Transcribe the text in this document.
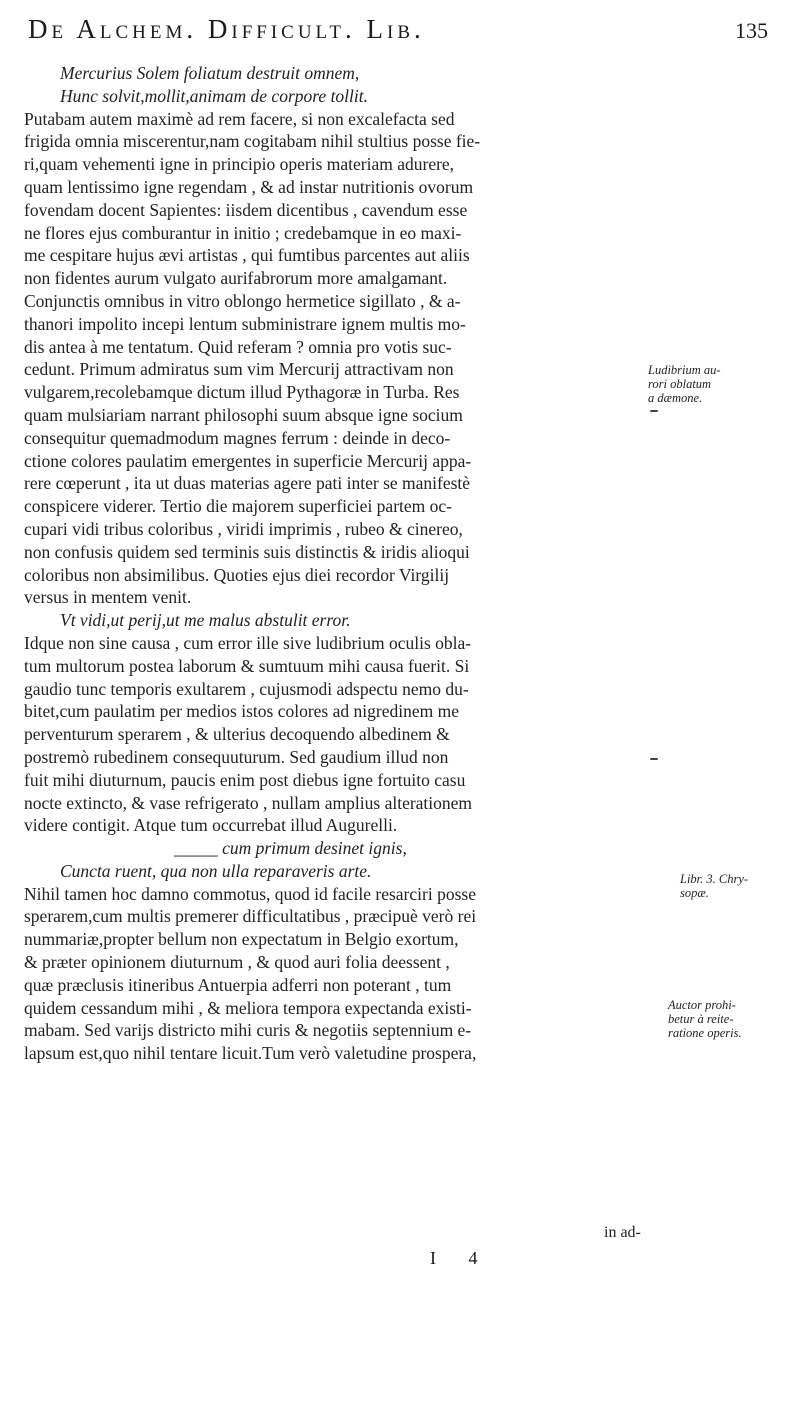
De Alchem. Difficult. Lib.	135
Mercurius Solem foliatum destruit omnem,
Hunc solvit,mollit,animam de corpore tollit.
Putabam autem maximè ad rem facere, si non excalefacta sed
frigida omnia miscerentur,nam cogitabam nihil stultius posse fie-
ri,quam vehementi igne in principio operis materiam adurere,
quam lentissimo igne regendam , & ad instar nutritionis ovorum
fovendam docent Sapientes: iisdem dicentibus , cavendum esse
ne flores ejus comburantur in initio ; credebamque in eo maxi-
me cespitare hujus ævi artistas , qui fumtibus parcentes aut aliis
non fidentes aurum vulgato aurifabrorum more amalgamant.
Conjunctis omnibus in vitro oblongo hermetice sigillato , & a-
thanori impolito incepi lentum subministrare ignem multis mo-
dis antea à me tentatum. Quid referam ? omnia pro votis suc-
cedunt. Primum admiratus sum vim Mercurij attractivam non
vulgarem,recolebamque dictum illud Pythagoræ in Turba. Res
quam mulsiariam narrant philosophi suum absque igne socium
consequitur quemadmodum magnes ferrum : deinde in deco-
ctione colores paulatim emergentes in superficie Mercurij appa-
rere cœperunt , ita ut duas materias agere pati inter se manifestè
conspicere viderer. Tertio die majorem superficiei partem oc-
cupari vidi tribus coloribus , viridi imprimis , rubeo & cinereo,
non confusis quidem sed terminis suis distinctis & iridis alioqui
coloribus non absimilibus. Quoties ejus diei recordor Virgilij
versus in mentem venit.
Vt vidi,ut perij,ut me malus abstulit error.
Idque non sine causa , cum error ille sive ludibrium oculis obla-
tum multorum postea laborum & sumtuum mihi causa fuerit. Si
gaudio tunc temporis exultarem , cujusmodi adspectu nemo du-
bitet,cum paulatim per medios istos colores ad nigredinem me
perventurum sperarem , & ulterius decoquendo albedinem &
postremò rubedinem consequuturum. Sed gaudium illud non
fuit mihi diuturnum, paucis enim post diebus igne fortuito casu
nocte extincto, & vase refrigerato , nullam amplius alterationem
videre contigit. Atque tum occurrebat illud Augurelli.
_____ cum primum desinet ignis,
Cuncta ruent, qua non ulla reparaveris arte.
Nihil tamen hoc damno commotus, quod id facile resarciri posse
sperarem,cum multis premerer difficultatibus , præcipuè verò rei
nummariæ,propter bellum non expectatum in Belgio exortum,
& præter opinionem diuturnum , & quod auri folia deessent ,
quæ præclusis itineribus Antuerpia adferri non poterant , tum
quidem cessandum mihi , & meliora tempora expectanda existi-
mabam. Sed varijs districto mihi curis & negotiis septennium e-
lapsum est,quo nihil tentare licuit.Tum verò valetudine prospera,
Ludibrium au-
rori oblatum
a dæmone.
Libr. 3. Chry-
sopæ.
Auctor prohi-
betur à reite-
ratione operis.
I 4
in ad-
